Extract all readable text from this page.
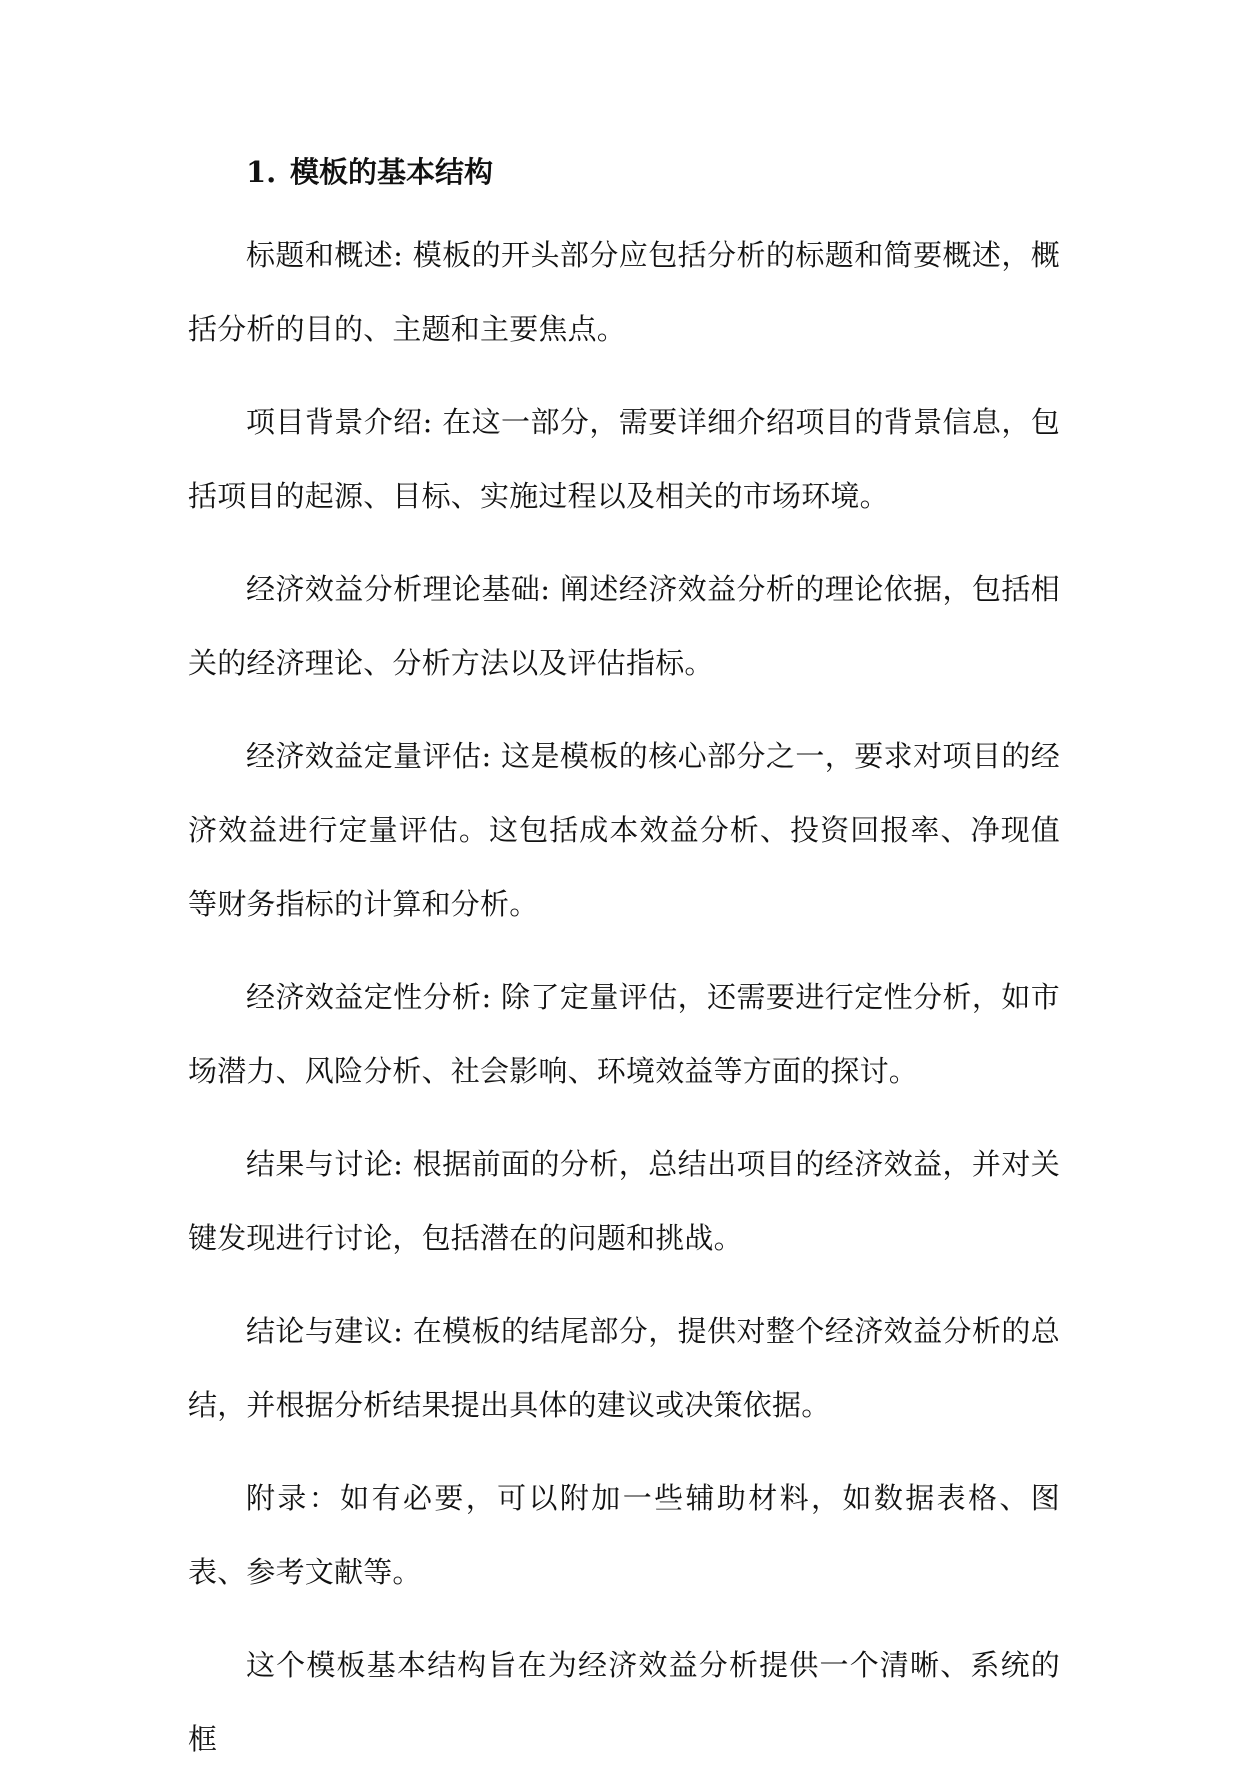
1. 模板的基本结构

标题和概述: 模板的开头部分应包括分析的标题和简要概述，概括分析的目的、主题和主要焦点。

项目背景介绍: 在这一部分，需要详细介绍项目的背景信息，包括项目的起源、目标、实施过程以及相关的市场环境。

经济效益分析理论基础: 阐述经济效益分析的理论依据，包括相关的经济理论、分析方法以及评估指标。

经济效益定量评估: 这是模板的核心部分之一，要求对项目的经济效益进行定量评估。这包括成本效益分析、投资回报率、净现值等财务指标的计算和分析。

经济效益定性分析: 除了定量评估，还需要进行定性分析，如市场潜力、风险分析、社会影响、环境效益等方面的探讨。

结果与讨论: 根据前面的分析，总结出项目的经济效益，并对关键发现进行讨论，包括潜在的问题和挑战。

结论与建议: 在模板的结尾部分，提供对整个经济效益分析的总结，并根据分析结果提出具体的建议或决策依据。

附录：如有必要，可以附加一些辅助材料，如数据表格、图表、参考文献等。

这个模板基本结构旨在为经济效益分析提供一个清晰、系统的框
